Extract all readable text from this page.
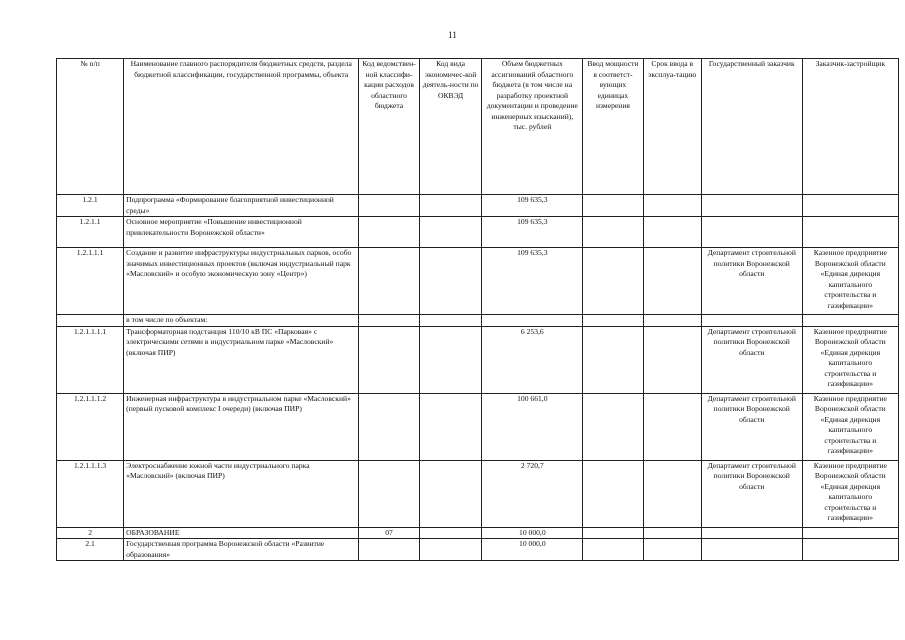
11
№ п/п	Наименование главного распорядителя бюджетных средств, раздела бюджетной классификации, государственной программы, объекта	Код ведомствен-ной классифи-кации расходов областного бюджета	Код вида экономичес-кой деятель-ности по ОКВЭД	Объем бюджетных ассигнований областного бюджета (в том числе на разработку проектной документации и проведение инженерных изысканий), тыс. рублей	Ввод мощности в соответст-вующих единицах измерения	Срок ввода в эксплуа-тацию	Государственный заказчик	Заказчик-застройщик
1.2.1	Подпрограмма «Формирование благоприятной инвестиционной среды»			109 635,3				
1.2.1.1	Основное мероприятие «Повышение инвестиционной привлекательности Воронежской области»			109 635,3				
1.2.1.1.1	Создание и развитие инфраструктуры индустриальных парков, особо значимых инвестиционных проектов (включая индустриальный парк «Масловский» и особую экономическую зону «Центр»)			109 635,3			Департамент строительной политики Воронежской области	Казенное предприятие Воронежской области «Единая дирекция капитального строительства и газификации»
	в том числе по объектам:							
1.2.1.1.1.1	Трансформаторная подстанция 110/10 кВ ПС «Парковая» с электрическими сетями в индустриальном парке «Масловский» (включая ПИР)			6 253,6			Департамент строительной политики Воронежской области	Казенное предприятие Воронежской области «Единая дирекция капитального строительства и газификации»
1.2.1.1.1.2	Инженерная инфраструктура в индустриальном парке «Масловский» (первый пусковой комплекс I очереди) (включая ПИР)			100 661,0			Департамент строительной политики Воронежской области	Казенное предприятие Воронежской области «Единая дирекция капитального строительства и газификации»
1.2.1.1.1.3	Электроснабжение южной части индустриального парка «Масловский» (включая ПИР)			2 720,7			Департамент строительной политики Воронежской области	Казенное предприятие Воронежской области «Единая дирекция капитального строительства и газификации»
2	ОБРАЗОВАНИЕ	07		10 000,0				
2.1	Государственная программа Воронежской области «Развитие образования»			10 000,0				
